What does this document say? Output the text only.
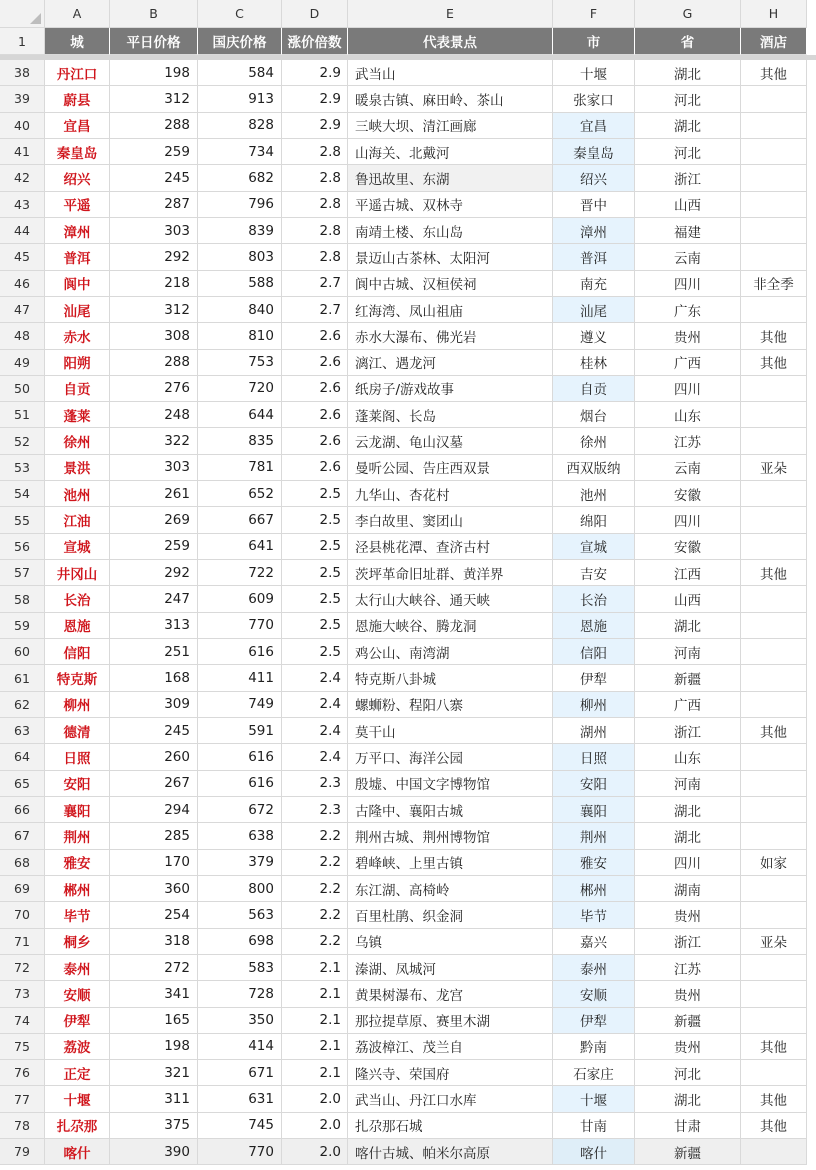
A	B	C	D	E	F	G	H
1	城	平日价格	国庆价格	涨价倍数	代表景点	市	省	酒店
38	丹江口	198	584	2.9	武当山	十堰	湖北	其他
39	蔚县	312	913	2.9	暖泉古镇、麻田岭、茶山	张家口	河北
40	宜昌	288	828	2.9	三峡大坝、清江画廊	宜昌	湖北
41	秦皇岛	259	734	2.8	山海关、北戴河	秦皇岛	河北
42	绍兴	245	682	2.8	鲁迅故里、东湖	绍兴	浙江
43	平遥	287	796	2.8	平遥古城、双林寺	晋中	山西
44	漳州	303	839	2.8	南靖土楼、东山岛	漳州	福建
45	普洱	292	803	2.8	景迈山古茶林、太阳河	普洱	云南
46	阆中	218	588	2.7	阆中古城、汉桓侯祠	南充	四川	非全季
47	汕尾	312	840	2.7	红海湾、凤山祖庙	汕尾	广东
48	赤水	308	810	2.6	赤水大瀑布、佛光岩	遵义	贵州	其他
49	阳朔	288	753	2.6	漓江、遇龙河	桂林	广西	其他
50	自贡	276	720	2.6	纸房子/游戏故事	自贡	四川
51	蓬莱	248	644	2.6	蓬莱阁、长岛	烟台	山东
52	徐州	322	835	2.6	云龙湖、龟山汉墓	徐州	江苏
53	景洪	303	781	2.6	曼听公园、告庄西双景	西双版纳	云南	亚朵
54	池州	261	652	2.5	九华山、杏花村	池州	安徽
55	江油	269	667	2.5	李白故里、窦团山	绵阳	四川
56	宣城	259	641	2.5	泾县桃花潭、查济古村	宣城	安徽
57	井冈山	292	722	2.5	茨坪革命旧址群、黄洋界	吉安	江西	其他
58	长治	247	609	2.5	太行山大峡谷、通天峡	长治	山西
59	恩施	313	770	2.5	恩施大峡谷、腾龙洞	恩施	湖北
60	信阳	251	616	2.5	鸡公山、南湾湖	信阳	河南
61	特克斯	168	411	2.4	特克斯八卦城	伊犁	新疆
62	柳州	309	749	2.4	螺蛳粉、程阳八寨	柳州	广西
63	德清	245	591	2.4	莫干山	湖州	浙江	其他
64	日照	260	616	2.4	万平口、海洋公园	日照	山东
65	安阳	267	616	2.3	殷墟、中国文字博物馆	安阳	河南
66	襄阳	294	672	2.3	古隆中、襄阳古城	襄阳	湖北
67	荆州	285	638	2.2	荆州古城、荆州博物馆	荆州	湖北
68	雅安	170	379	2.2	碧峰峡、上里古镇	雅安	四川	如家
69	郴州	360	800	2.2	东江湖、高椅岭	郴州	湖南
70	毕节	254	563	2.2	百里杜鹃、织金洞	毕节	贵州
71	桐乡	318	698	2.2	乌镇	嘉兴	浙江	亚朵
72	泰州	272	583	2.1	溱湖、凤城河	泰州	江苏
73	安顺	341	728	2.1	黄果树瀑布、龙宫	安顺	贵州
74	伊犁	165	350	2.1	那拉提草原、赛里木湖	伊犁	新疆
75	荔波	198	414	2.1	荔波樟江、茂兰自	黔南	贵州	其他
76	正定	321	671	2.1	隆兴寺、荣国府	石家庄	河北
77	十堰	311	631	2.0	武当山、丹江口水库	十堰	湖北	其他
78	扎尕那	375	745	2.0	扎尕那石城	甘南	甘肃	其他
79	喀什	390	770	2.0	喀什古城、帕米尔高原	喀什	新疆
